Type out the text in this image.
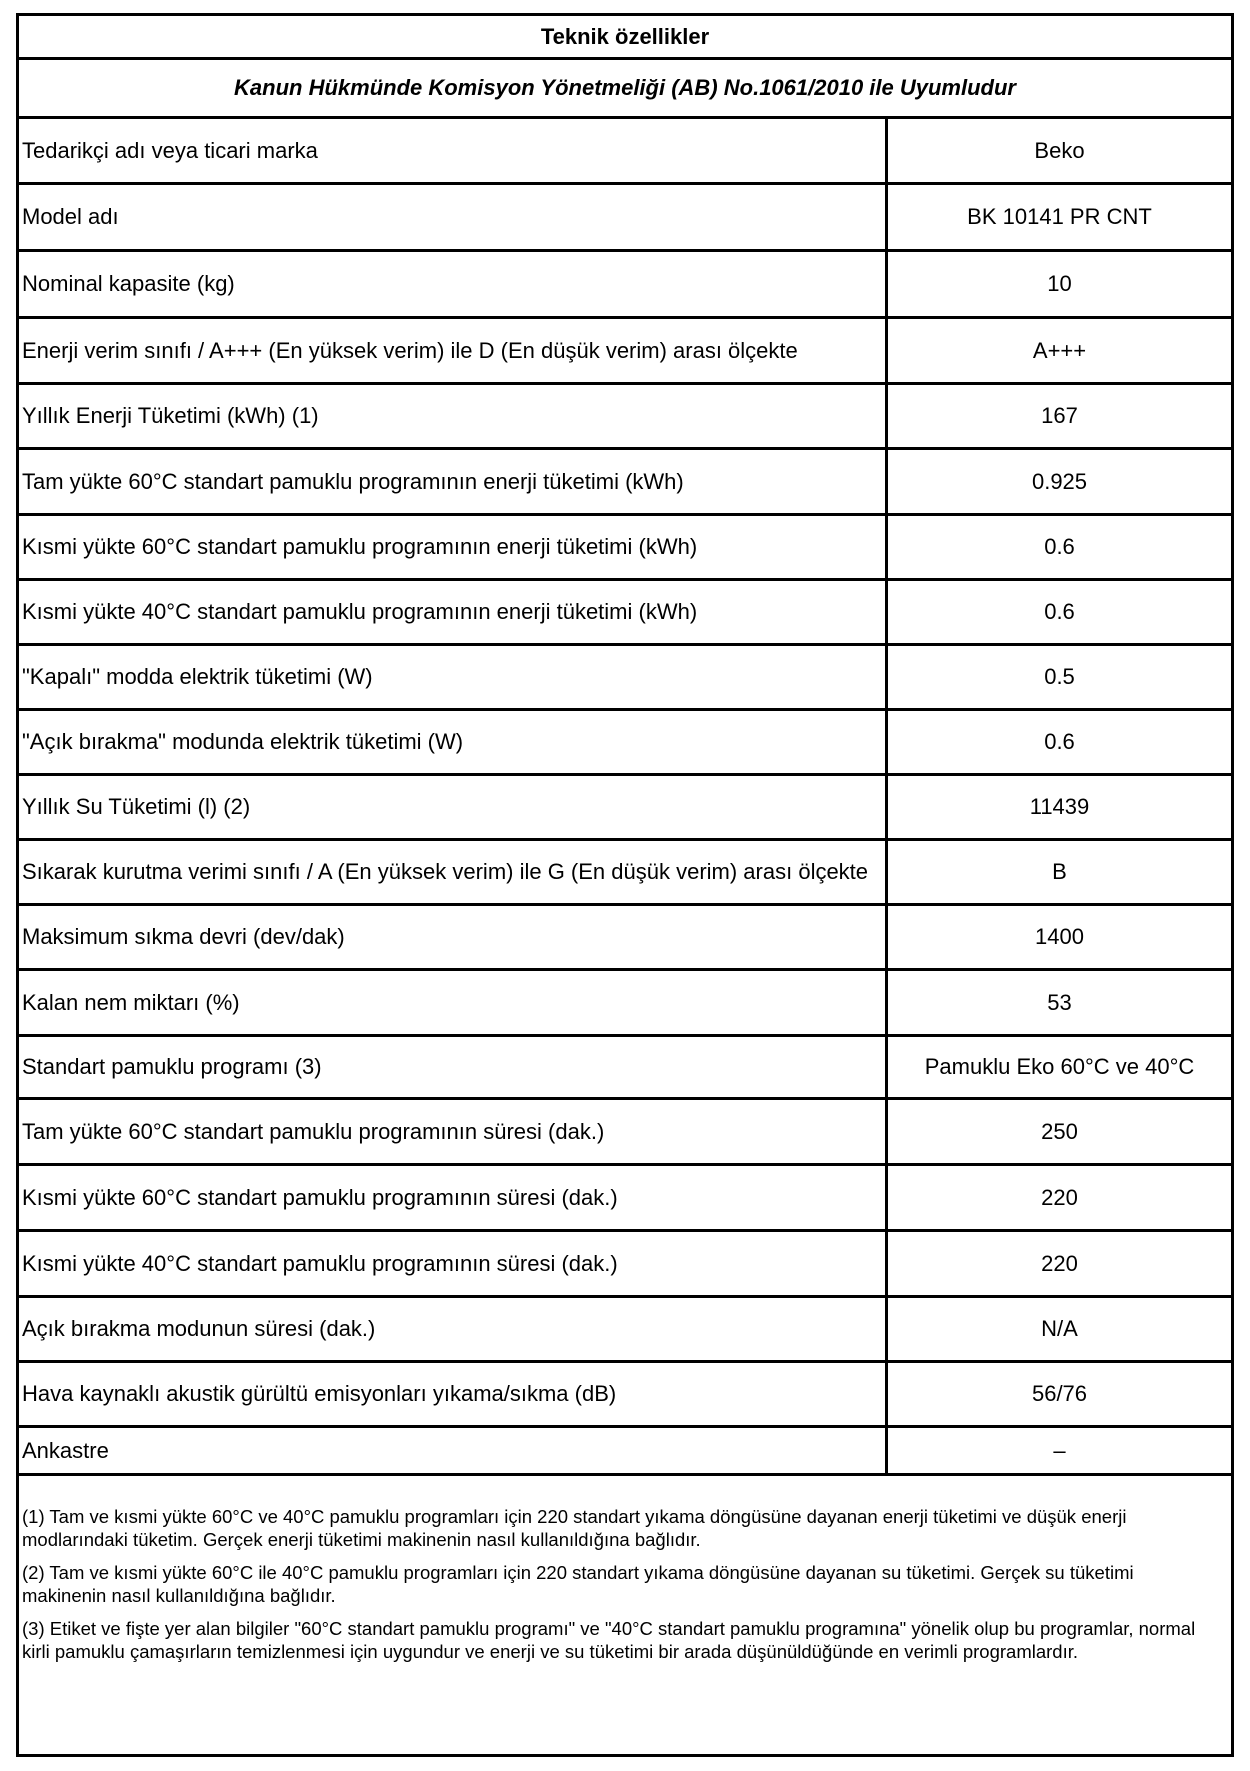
Teknik özellikler
Kanun Hükmünde Komisyon Yönetmeliği (AB) No.1061/2010 ile Uyumludur
Tedarikçi adı veya ticari marka	Beko
Model adı	BK 10141 PR CNT
Nominal kapasite (kg)	10
Enerji verim sınıfı / A+++ (En yüksek verim) ile D (En düşük verim) arası ölçekte	A+++
Yıllık Enerji Tüketimi (kWh) (1)	167
Tam yükte 60°C standart pamuklu programının enerji tüketimi (kWh)	0.925
Kısmi yükte 60°C standart pamuklu programının enerji tüketimi (kWh)	0.6
Kısmi yükte 40°C standart pamuklu programının enerji tüketimi (kWh)	0.6
"Kapalı" modda elektrik tüketimi (W)	0.5
"Açık bırakma" modunda elektrik tüketimi (W)	0.6
Yıllık Su Tüketimi (l) (2)	11439
Sıkarak kurutma verimi sınıfı / A (En yüksek verim) ile G (En düşük verim) arası ölçekte	B
Maksimum sıkma devri (dev/dak)	1400
Kalan nem miktarı (%)	53
Standart pamuklu programı (3)	Pamuklu Eko 60°C ve 40°C
Tam yükte 60°C standart pamuklu programının süresi (dak.)	250
Kısmi yükte 60°C standart pamuklu programının süresi (dak.)	220
Kısmi yükte 40°C standart pamuklu programının süresi (dak.)	220
Açık bırakma modunun süresi (dak.)	N/A
Hava kaynaklı akustik gürültü emisyonları yıkama/sıkma (dB)	56/76
Ankastre	–

(1) Tam ve kısmi yükte 60°C ve 40°C pamuklu programları için 220 standart yıkama döngüsüne dayanan enerji tüketimi ve düşük enerji modlarındaki tüketim. Gerçek enerji tüketimi makinenin nasıl kullanıldığına bağlıdır.

(2) Tam ve kısmi yükte 60°C ile 40°C pamuklu programları için 220 standart yıkama döngüsüne dayanan su tüketimi. Gerçek su tüketimi makinenin nasıl kullanıldığına bağlıdır.

(3) Etiket ve fişte yer alan bilgiler "60°C standart pamuklu programı" ve "40°C standart pamuklu programına" yönelik olup bu programlar, normal kirli pamuklu çamaşırların temizlenmesi için uygundur ve enerji ve su tüketimi bir arada düşünüldüğünde en verimli programlardır.
